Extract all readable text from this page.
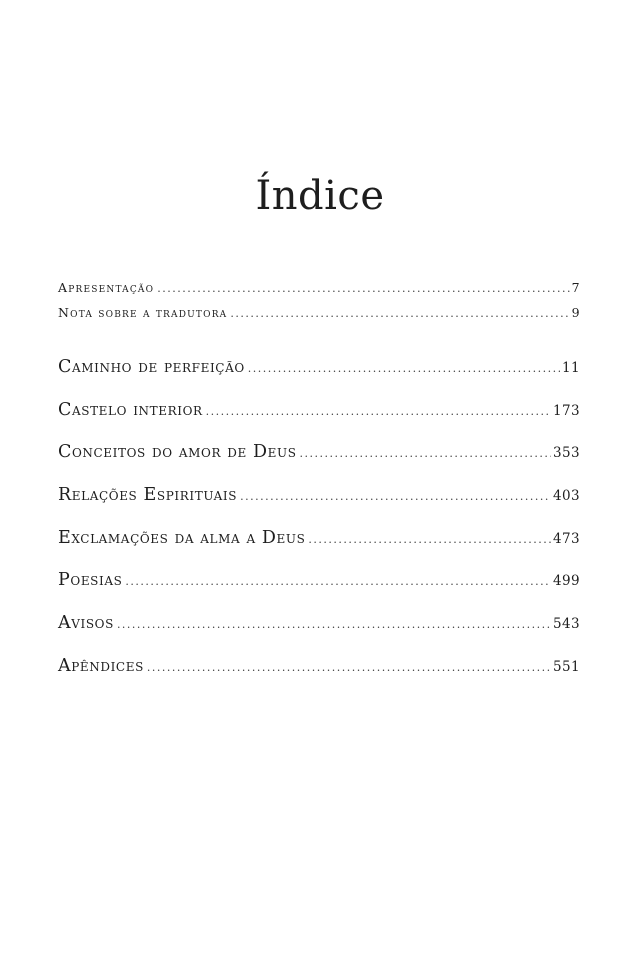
Índice
Apresentação .....	7
Nota sobre a tradutora .....	9
Caminho de perfeição .....	11
Castelo interior .....	173
Conceitos do amor de Deus .....	353
Relações Espirituais .....	403
Exclamações da alma a Deus .....	473
Poesias .....	499
Avisos .....	543
Apêndices .....	551
